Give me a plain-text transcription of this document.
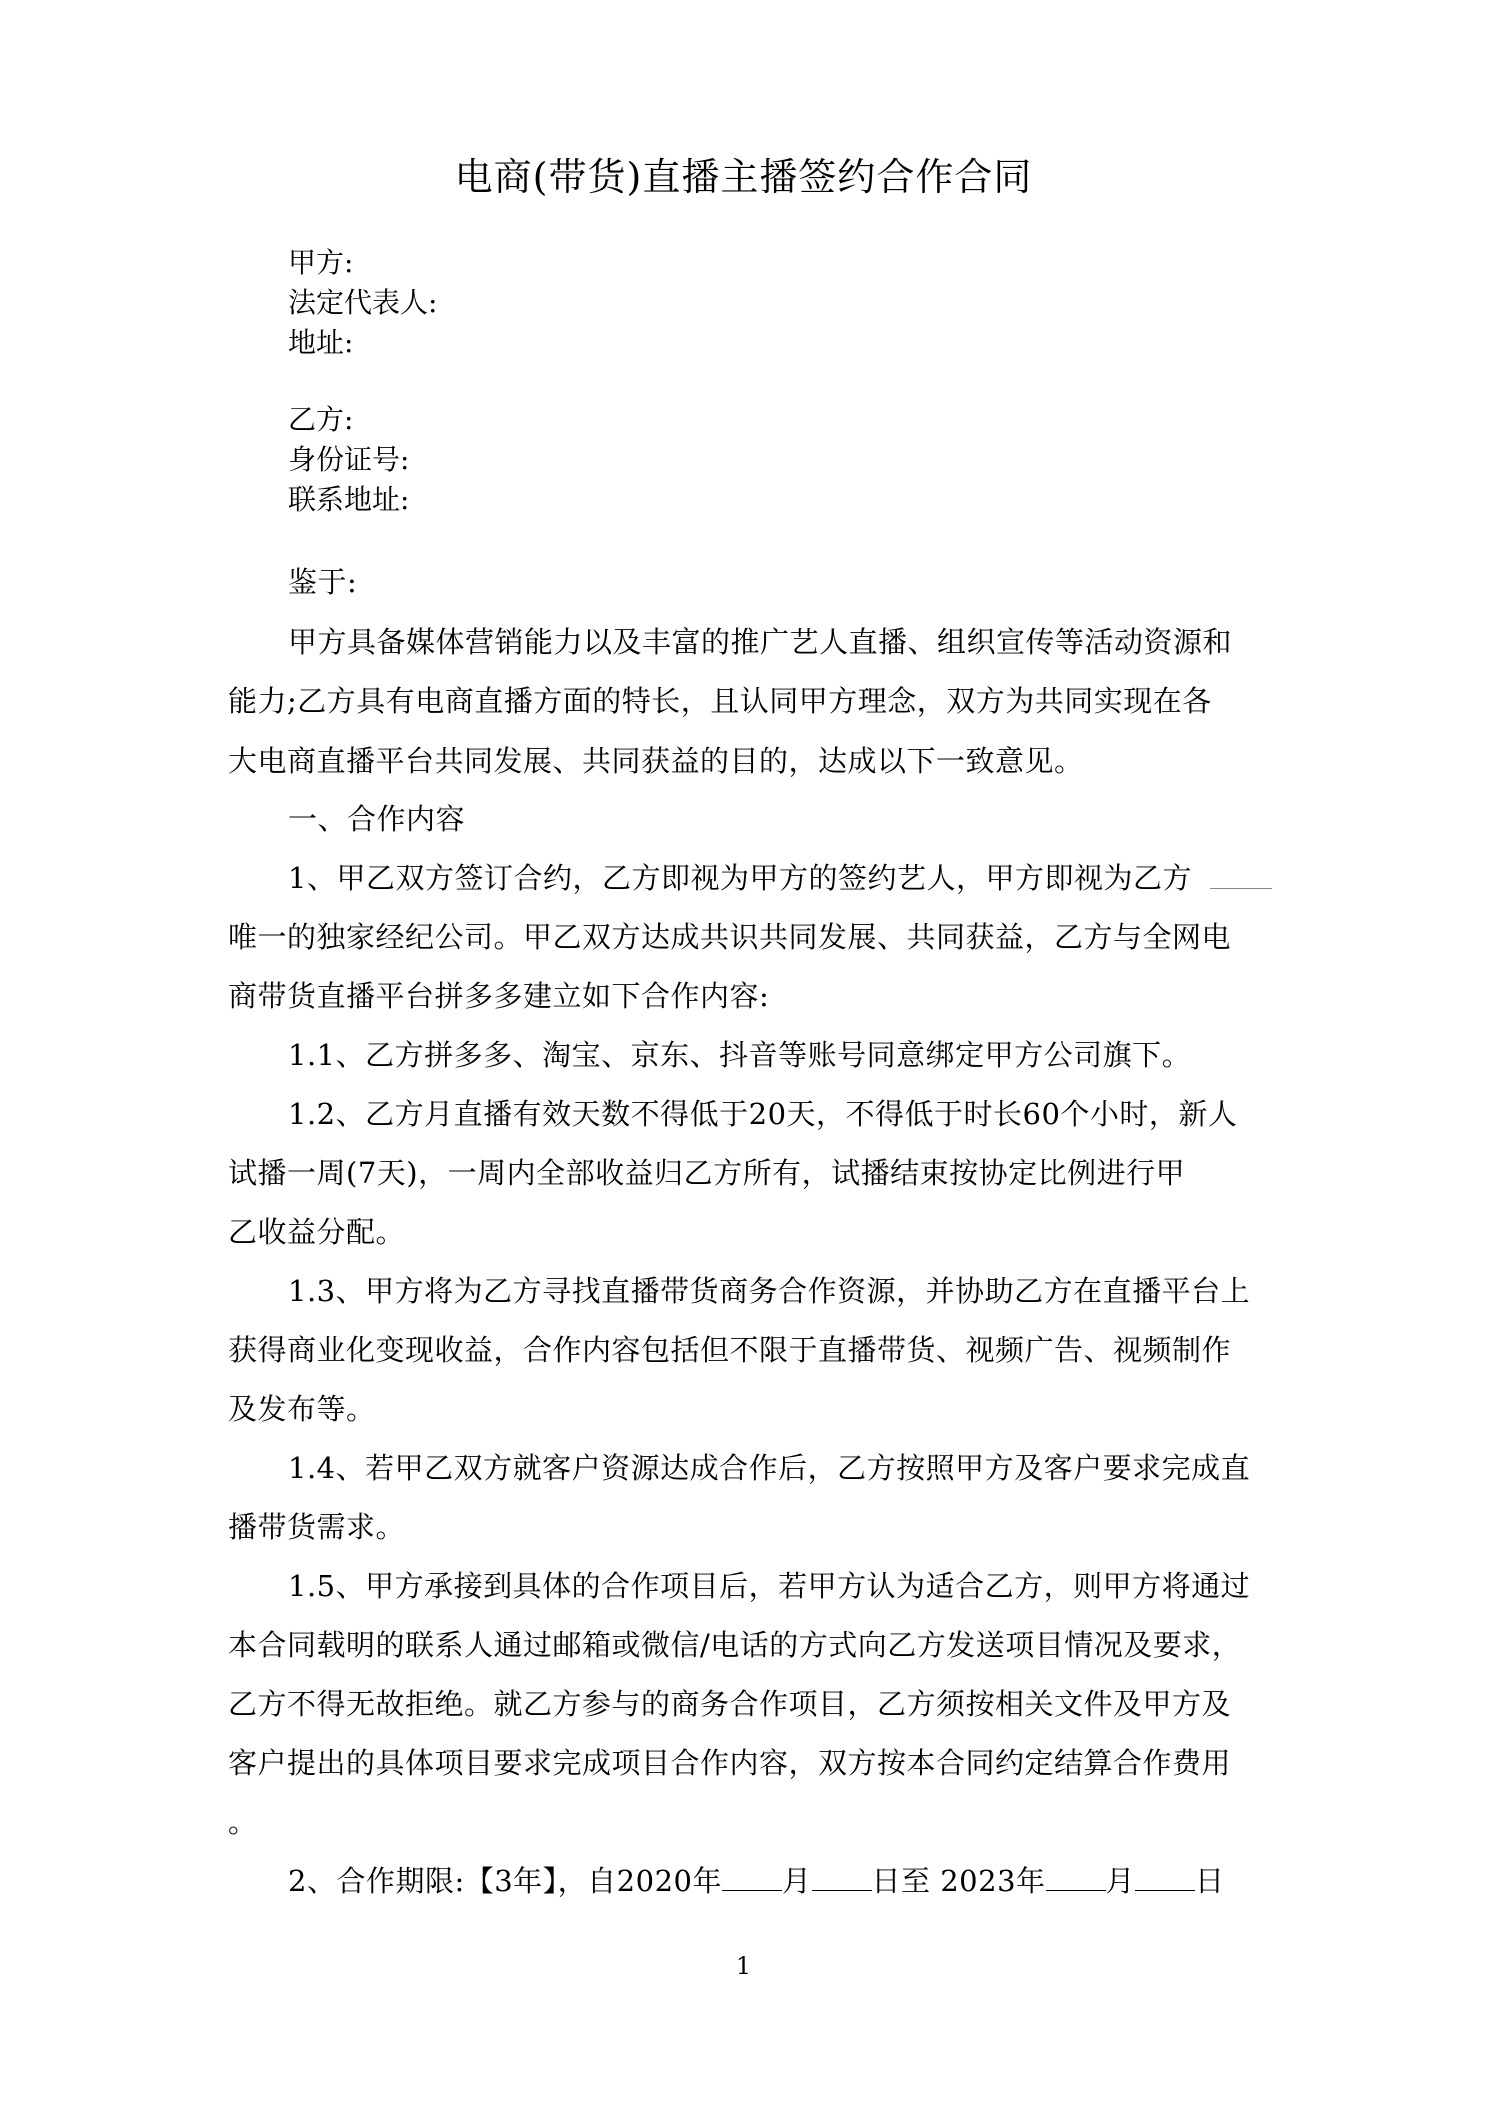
电商(带货)直播主播签约合作合同
甲方:
法定代表人:
地址:
乙方:
身份证号:
联系地址:
鉴于:
甲方具备媒体营销能力以及丰富的推广艺人直播、组织宣传等活动资源和
能力;乙方具有电商直播方面的特长，且认同甲方理念，双方为共同实现在各
大电商直播平台共同发展、共同获益的目的，达成以下一致意见。
一、合作内容
1、甲乙双方签订合约，乙方即视为甲方的签约艺人，甲方即视为乙方
唯一的独家经纪公司。甲乙双方达成共识共同发展、共同获益，乙方与全网电
商带货直播平台拼多多建立如下合作内容:
1.1、乙方拼多多、淘宝、京东、抖音等账号同意绑定甲方公司旗下。
1.2、乙方月直播有效天数不得低于20天，不得低于时长60个小时，新人
试播一周(7天)，一周内全部收益归乙方所有，试播结束按协定比例进行甲
乙收益分配。
1.3、甲方将为乙方寻找直播带货商务合作资源，并协助乙方在直播平台上
获得商业化变现收益，合作内容包括但不限于直播带货、视频广告、视频制作
及发布等。
1.4、若甲乙双方就客户资源达成合作后，乙方按照甲方及客户要求完成直
播带货需求。
1.5、甲方承接到具体的合作项目后，若甲方认为适合乙方，则甲方将通过
本合同载明的联系人通过邮箱或微信/电话的方式向乙方发送项目情况及要求，
乙方不得无故拒绝。就乙方参与的商务合作项目，乙方须按相关文件及甲方及
客户提出的具体项目要求完成项目合作内容，双方按本合同约定结算合作费用
。
2、合作期限:【3年】，自2020年 月 日至 2023年 月 日
1
